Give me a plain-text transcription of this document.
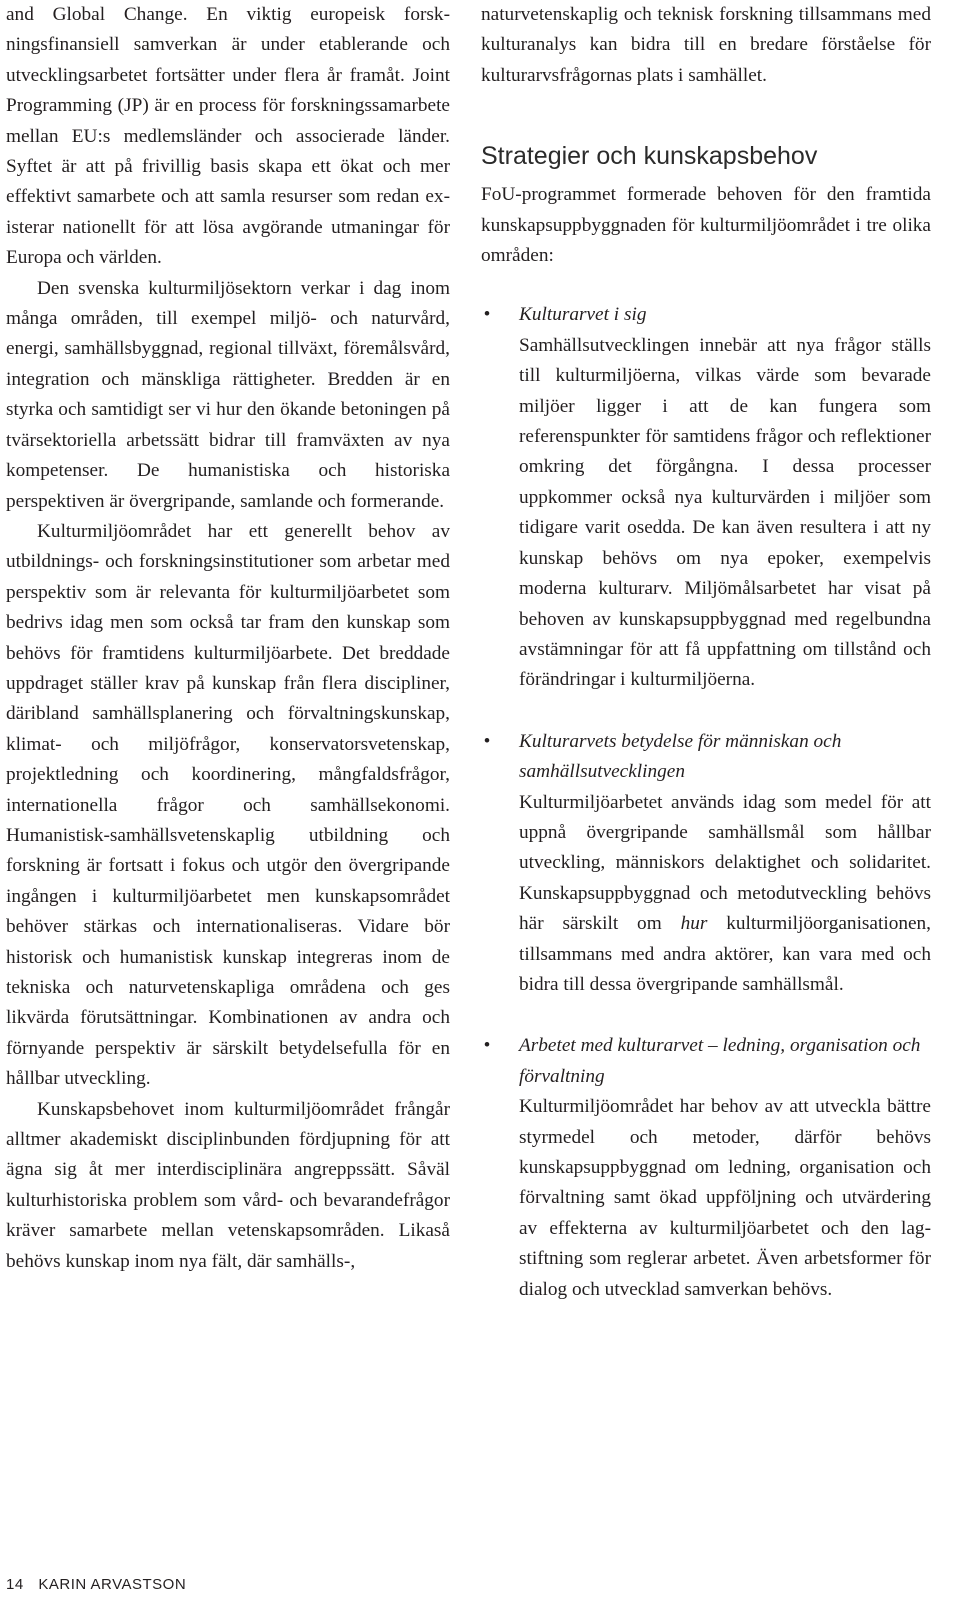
and Global Change. En viktig europeisk forskningsfinansiell samverkan är under etablerande och utvecklingsarbetet fortsätter under flera år framåt. Joint Programming (JP) är en process för forskningssamarbete mellan EU:s medlemsländer och associerade länder. Syftet är att på frivillig basis skapa ett ökat och mer effektivt samarbete och att samla resurser som redan existerar nationellt för att lösa avgörande utmaningar för Europa och världen.

Den svenska kulturmiljösektorn verkar i dag inom många områden, till exempel miljö- och naturvård, energi, samhällsbyggnad, regional tillväxt, föremålsvård, integration och mänskliga rättigheter. Bredden är en styrka och samtidigt ser vi hur den ökande betoningen på tvärsektoriella arbetssätt bidrar till framväxten av nya kompetenser. De humanistiska och historiska perspektiven är övergripande, samlande och formerande.

Kulturmiljöområdet har ett generellt behov av utbildnings- och forskningsinstitutioner som arbetar med perspektiv som är relevanta för kulturmiljöarbetet som bedrivs idag men som också tar fram den kunskap som behövs för framtidens kulturmiljöarbete. Det breddade uppdraget ställer krav på kunskap från flera discipliner, däribland samhällsplanering och förvaltningskunskap, klimat- och miljöfrågor, konservatorsvetenskap, projektledning och koordinering, mångfaldsfrågor, internationella frågor och samhällsekonomi. Humanistisk-samhällsvetenskaplig utbildning och forskning är fortsatt i fokus och utgör den övergripande ingången i kulturmiljöarbetet men kunskapsområdet behöver stärkas och internationaliseras. Vidare bör historisk och humanistisk kunskap integreras inom de tekniska och naturvetenskapliga områdena och ges likvärda förutsättningar. Kombinationen av andra och förnyande perspektiv är särskilt betydelsefulla för en hållbar utveckling.

Kunskapsbehovet inom kulturmiljöområdet frångår alltmer akademiskt disciplinbunden fördjupning för att ägna sig åt mer interdisciplinära angreppssätt. Såväl kulturhistoriska problem som vård- och bevarandefrågor kräver samarbete mellan vetenskapsområden. Likaså behövs kunskap inom nya fält, där samhälls-,

naturvetenskaplig och teknisk forskning tillsammans med kulturanalys kan bidra till en bredare förståelse för kulturarvsfrågornas plats i samhället.

Strategier och kunskapsbehov

FoU-programmet formerade behoven för den framtida kunskapsuppbyggnaden för kulturmiljöområdet i tre olika områden:

• Kulturarvet i sig
Samhällsutvecklingen innebär att nya frågor ställs till kulturmiljöerna, vilkas värde som bevarade miljöer ligger i att de kan fungera som referenspunkter för samtidens frågor och reflektioner omkring det förgångna. I dessa processer uppkommer också nya kulturvärden i miljöer som tidigare varit osedda. De kan även resultera i att ny kunskap behövs om nya epoker, exempelvis moderna kulturarv. Miljömålsarbetet har visat på behoven av kunskapsuppbyggnad med regelbundna avstämningar för att få uppfattning om tillstånd och förändringar i kulturmiljöerna.
• Kulturarvets betydelse för människan och samhällsutvecklingen
Kulturmiljöarbetet används idag som medel för att uppnå övergripande samhällsmål som hållbar utveckling, människors delaktighet och solidaritet. Kunskapsuppbyggnad och metodutveckling behövs här särskilt om hur kulturmiljöorganisationen, tillsammans med andra aktörer, kan vara med och bidra till dessa övergripande samhällsmål.
• Arbetet med kulturarvet – ledning, organisation och förvaltning
Kulturmiljöområdet har behov av att utveckla bättre styrmedel och metoder, därför behövs kunskapsuppbyggnad om ledning, organisation och förvaltning samt ökad uppföljning och utvärdering av effekterna av kulturmiljöarbetet och den lagstiftning som reglerar arbetet. Även arbetsformer för dialog och utvecklad samverkan behövs.
14 KARIN ARVASTSON
